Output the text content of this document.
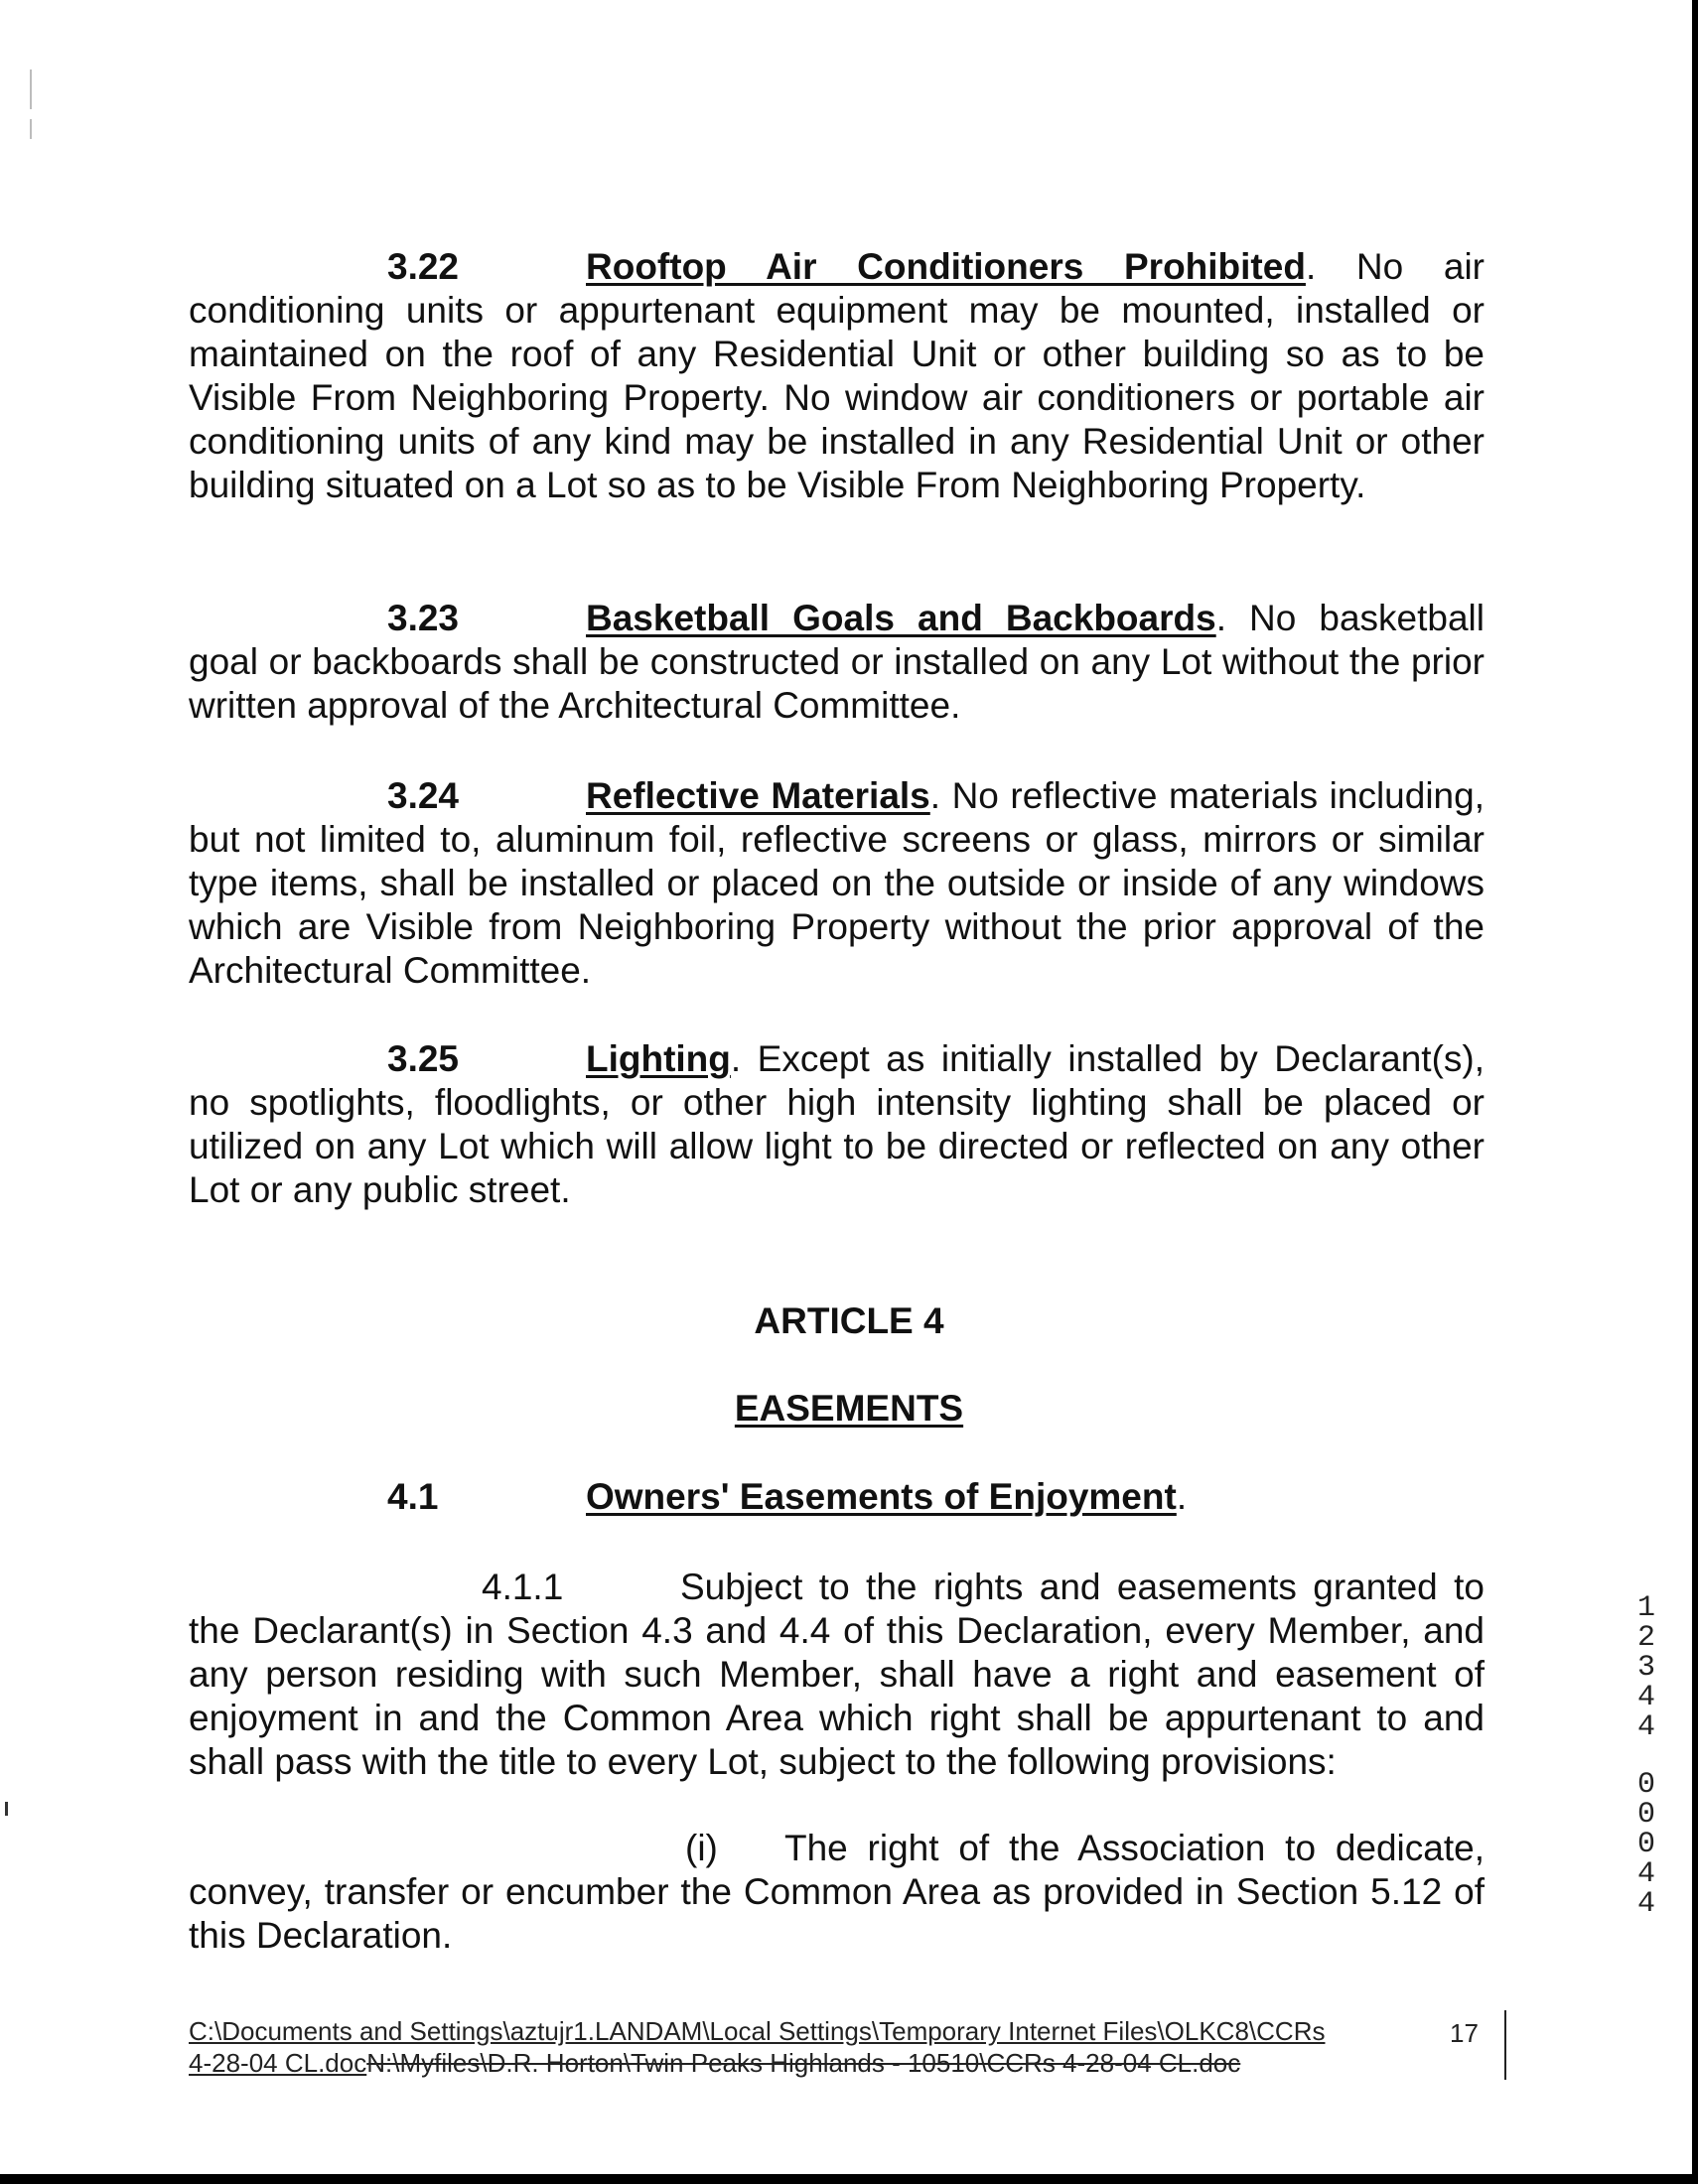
3.22	Rooftop Air Conditioners Prohibited. No air conditioning units or appurtenant equipment may be mounted, installed or maintained on the roof of any Residential Unit or other building so as to be Visible From Neighboring Property. No window air conditioners or portable air conditioning units of any kind may be installed in any Residential Unit or other building situated on a Lot so as to be Visible From Neighboring Property.

3.23	Basketball Goals and Backboards. No basketball goal or backboards shall be constructed or installed on any Lot without the prior written approval of the Architectural Committee.

3.24	Reflective Materials. No reflective materials including, but not limited to, aluminum foil, reflective screens or glass, mirrors or similar type items, shall be installed or placed on the outside or inside of any windows which are Visible from Neighboring Property without the prior approval of the Architectural Committee.

3.25	Lighting. Except as initially installed by Declarant(s), no spotlights, floodlights, or other high intensity lighting shall be placed or utilized on any Lot which will allow light to be directed or reflected on any other Lot or any public street.

ARTICLE 4

EASEMENTS

4.1	Owners' Easements of Enjoyment.

4.1.1	Subject to the rights and easements granted to the Declarant(s) in Section 4.3 and 4.4 of this Declaration, every Member, and any person residing with such Member, shall have a right and easement of enjoyment in and the Common Area which right shall be appurtenant to and shall pass with the title to every Lot, subject to the following provisions:

(i) The right of the Association to dedicate, convey, transfer or encumber the Common Area as provided in Section 5.12 of this Declaration.

1
2
3
4
4
0
0
0
4
4
C:\Documents and Settings\aztujr1.LANDAM\Local Settings\Temporary Internet Files\OLKC8\CCRs
4-28-04 CL.docN:\Myfiles\D.R. Horton\Twin Peaks Highlands - 10510\CCRs 4-28-04 CL.doc
17
